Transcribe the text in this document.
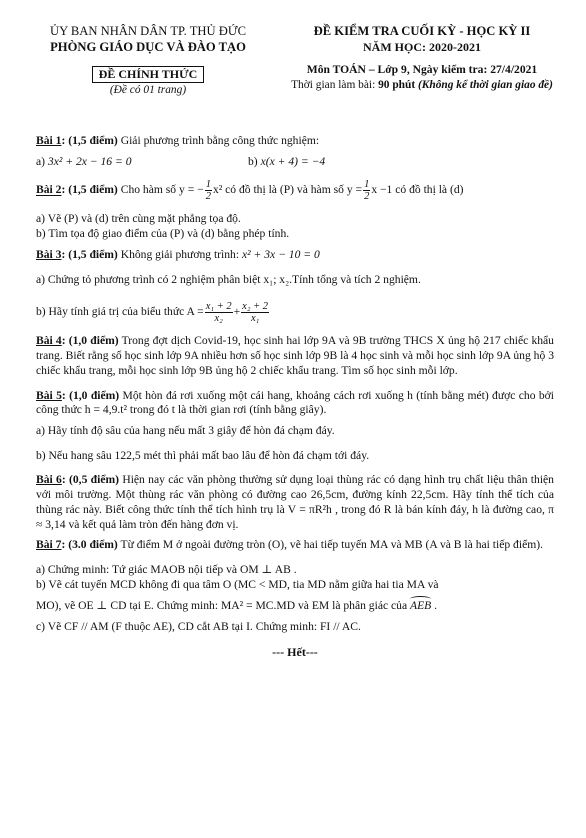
ỦY BAN NHÂN DÂN TP. THỦ ĐỨC
PHÒNG GIÁO DỤC VÀ ĐÀO TẠO
ĐỀ CHÍNH THỨC
(Đề có 01 trang)
ĐỀ KIỂM TRA CUỐI KỲ - HỌC KỲ II
NĂM HỌC: 2020-2021
Môn TOÁN – Lớp 9, Ngày kiểm tra: 27/4/2021
Thời gian làm bài: 90 phút (Không kể thời gian giao đề)

Bài 1: (1,5 điểm) Giải phương trình bằng công thức nghiệm:

a) 3x² + 2x − 16 = 0	b) x(x + 4) = −4

Bài 2: (1,5 điểm) Cho hàm số y = − $\frac{1}{2} x^2$ có đồ thị là (P) và hàm số $y = \frac{1}{2}$ x −1 có đồ thị là (d)

a) Vẽ (P) và (d) trên cùng mặt phẳng tọa độ.

b) Tìm tọa độ giao điểm của (P) và (d) bằng phép tính.

Bài 3: (1,5 điểm) Không giải phương trình: x² + 3x − 10 = 0

a) Chứng tỏ phương trình có 2 nghiệm phân biệt x₁; x₂.Tính tổng và tích 2 nghiệm.

b) Hãy tính giá trị của biểu thức $A = \frac{\text{x₁ + 2}}{\text{x₂}} + \frac{\text{x₂ + 2}}{\text{x₁}}$

Bài 4: (1,0 điểm) Trong đợt dịch Covid-19, học sinh hai lớp 9A và 9B trường THCS X ủng hộ 217 chiếc khẩu trang. Biết rằng số học sinh lớp 9A nhiều hơn số học sinh lớp 9B là 4 học sinh và mỗi học sinh lớp 9A ủng hộ 3 chiếc khẩu trang, mỗi học sinh lớp 9B ủng hộ 2 chiếc khẩu trang. Tìm số học sinh mỗi lớp.

Bài 5: (1,0 điểm) Một hòn đá rơi xuống một cái hang, khoảng cách rơi xuống h (tính bằng mét) được cho bởi công thức h = 4,9.t² trong đó t là thời gian rơi (tính bằng giây).

a) Hãy tính độ sâu của hang nếu mất 3 giây để hòn đá chạm đáy.

b) Nếu hang sâu 122,5 mét thì phải mất bao lâu để hòn đá chạm tới đáy.

Bài 6: (0,5 điểm) Hiện nay các văn phòng thường sử dụng loại thùng rác có dạng hình trụ chất liệu thân thiện với môi trường. Một thùng rác văn phòng có đường cao 26,5cm, đường kính 22,5cm. Hãy tính thể tích của thùng rác này. Biết công thức tính thể tích hình trụ là V = πR²h , trong đó R là bán kính đáy, h là đường cao, π ≈ 3,14 và kết quả làm tròn đến hàng đơn vị.

Bài 7: (3.0 điểm) Từ điểm M ở ngoài đường tròn (O), vẽ hai tiếp tuyến MA và MB (A và B là hai tiếp điểm).

a) Chứng minh: Tứ giác MAOB nội tiếp và OM ⊥ AB .

b) Vẽ cát tuyến MCD không đi qua tâm O (MC < MD, tia MD nằm giữa hai tia MA và

MO), vẽ OE ⊥ CD tại E. Chứng minh: MA² = MC.MD và EM là phân giác của AEB .

c) Vẽ CF // AM (F thuộc AE), CD cắt AB tại I. Chứng minh: FI // AC.

--- Hết---
